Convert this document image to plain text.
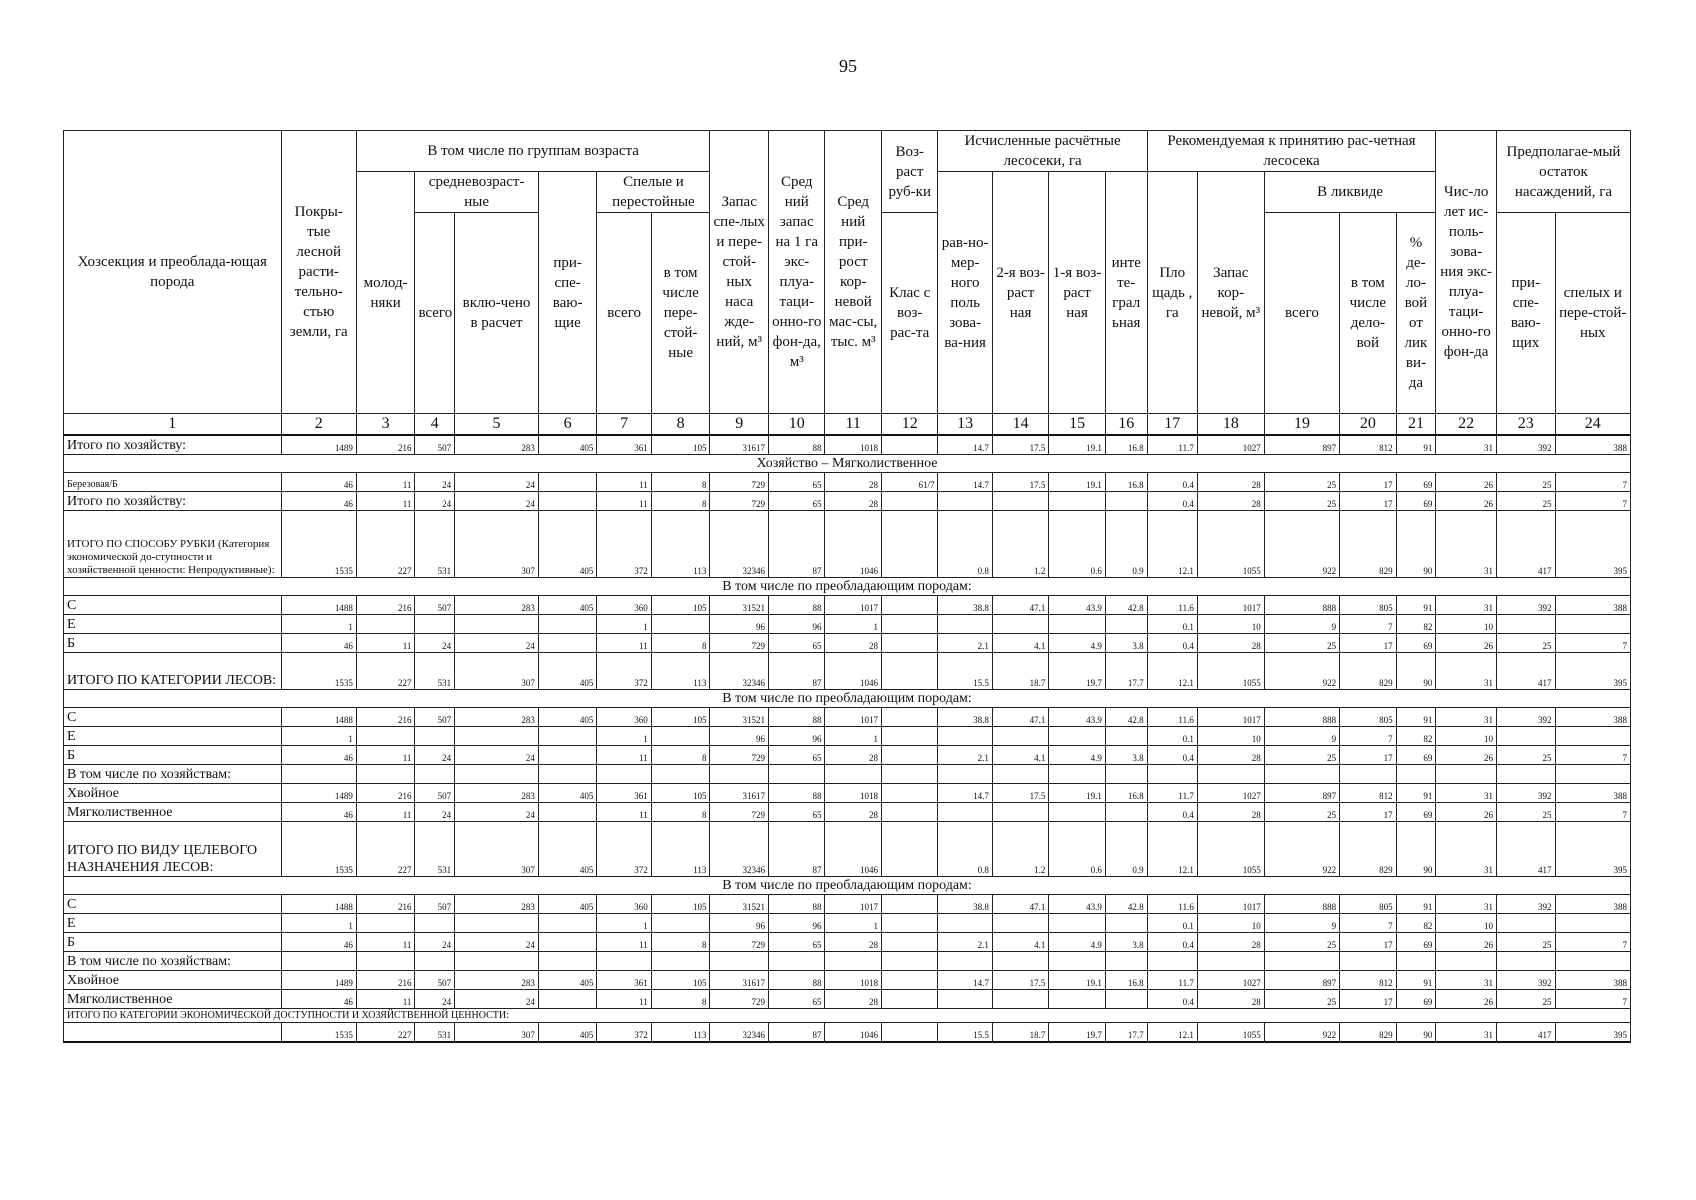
95
Хозсекция и преоблада-ющая порода	Покры-тые лесной расти-тельно-стью земли, га	В том числе по группам возраста						Запас спе-лых и пере-стой-ных наса жде-ний, м³	Сред ний запас на 1 га экс-плуа-таци-онно-го фон-да, м³	Сред ний при-рост кор-невой мас-сы, тыс. м³	Воз-раст руб-ки	Исчисленные расчётные лесосеки, га				Рекомендуемая к принятию рас-четная лесосека					Чис-ло лет ис-поль-зова-ния экс-плуа-таци-онно-го фон-да	Предполагае-мый остаток насаждений, га	
		молод-няки	средневозраст-ные		при-спе-ваю-щие	Спелые и перестойные						рав-но-мер-ного поль зова-ва-ния	2-я воз-раст ная	1-я воз-раст ная	инте те-грал ьная	Пло щадь , га	Запас кор-невой, м³	В ликвиде					
			всего	вклю-чено в расчет		всего	в том числе пере-стой-ные				Клас с воз-рас-та							всего	в том числе дело-вой	% де-ло-вой от лик ви-да		при-спе-ваю-щих	спелых и пере-стой-ных
1	2	3	4	5	6	7	8	9	10	11	12	13	14	15	16	17	18	19	20	21	22	23	24
Итого по хозяйству:	1489	216	507	283	405	361	105	31617	88	1018		14.7	17.5	19.1	16.8	11.7	1027	897	812	91	31	392	388
Хозяйство – Мягколиственное																							
Березовая/Б	46	11	24	24		11	8	729	65	28	61/7	14.7	17.5	19.1	16.8	0.4	28	25	17	69	26	25	7
Итого по хозяйству:	46	11	24	24		11	8	729	65	28						0.4	28	25	17	69	26	25	7
ИТОГО ПО СПОСОБУ РУБКИ (Категория экономической до-ступности и хозяйственной ценности: Непродуктивные):	1535	227	531	307	405	372	113	32346	87	1046		0.8	1.2	0.6	0.9	12.1	1055	922	829	90	31	417	395
В том числе по преобладающим породам:																							
С	1488	216	507	283	405	360	105	31521	88	1017		38.8	47.1	43.9	42.8	11.6	1017	888	805	91	31	392	388
Е	1					1		96	96	1						0.1	10	9	7	82	10		
Б	46	11	24	24		11	8	729	65	28		2.1	4.1	4.9	3.8	0.4	28	25	17	69	26	25	7
ИТОГО ПО КАТЕГОРИИ ЛЕСОВ:	1535	227	531	307	405	372	113	32346	87	1046		15.5	18.7	19.7	17.7	12.1	1055	922	829	90	31	417	395
В том числе по преобладающим породам:																							
С	1488	216	507	283	405	360	105	31521	88	1017		38.8	47.1	43.9	42.8	11.6	1017	888	805	91	31	392	388
Е	1					1		96	96	1						0.1	10	9	7	82	10		
Б	46	11	24	24		11	8	729	65	28		2.1	4.1	4.9	3.8	0.4	28	25	17	69	26	25	7
В том числе по хозяйствам:																							
Хвойное	1489	216	507	283	405	361	105	31617	88	1018		14.7	17.5	19.1	16.8	11.7	1027	897	812	91	31	392	388
Мягколиственное	46	11	24	24		11	8	729	65	28						0.4	28	25	17	69	26	25	7
ИТОГО ПО ВИДУ ЦЕЛЕВОГО НАЗНАЧЕНИЯ ЛЕСОВ:	1535	227	531	307	405	372	113	32346	87	1046		0.8	1.2	0.6	0.9	12.1	1055	922	829	90	31	417	395
В том числе по преобладающим породам:																							
С	1488	216	507	283	405	360	105	31521	88	1017		38.8	47.1	43.9	42.8	11.6	1017	888	805	91	31	392	388
Е	1					1		96	96	1						0.1	10	9	7	82	10		
Б	46	11	24	24		11	8	729	65	28		2.1	4.1	4.9	3.8	0.4	28	25	17	69	26	25	7
В том числе по хозяйствам:																							
Хвойное	1489	216	507	283	405	361	105	31617	88	1018		14.7	17.5	19.1	16.8	11.7	1027	897	812	91	31	392	388
Мягколиственное	46	11	24	24		11	8	729	65	28						0.4	28	25	17	69	26	25	7
ИТОГО ПО КАТЕГОРИИ ЭКОНОМИЧЕСКОЙ ДОСТУПНОСТИ И ХОЗЯЙСТВЕННОЙ ЦЕННОСТИ:																							
	1535	227	531	307	405	372	113	32346	87	1046		15.5	18.7	19.7	17.7	12.1	1055	922	829	90	31	417	395
